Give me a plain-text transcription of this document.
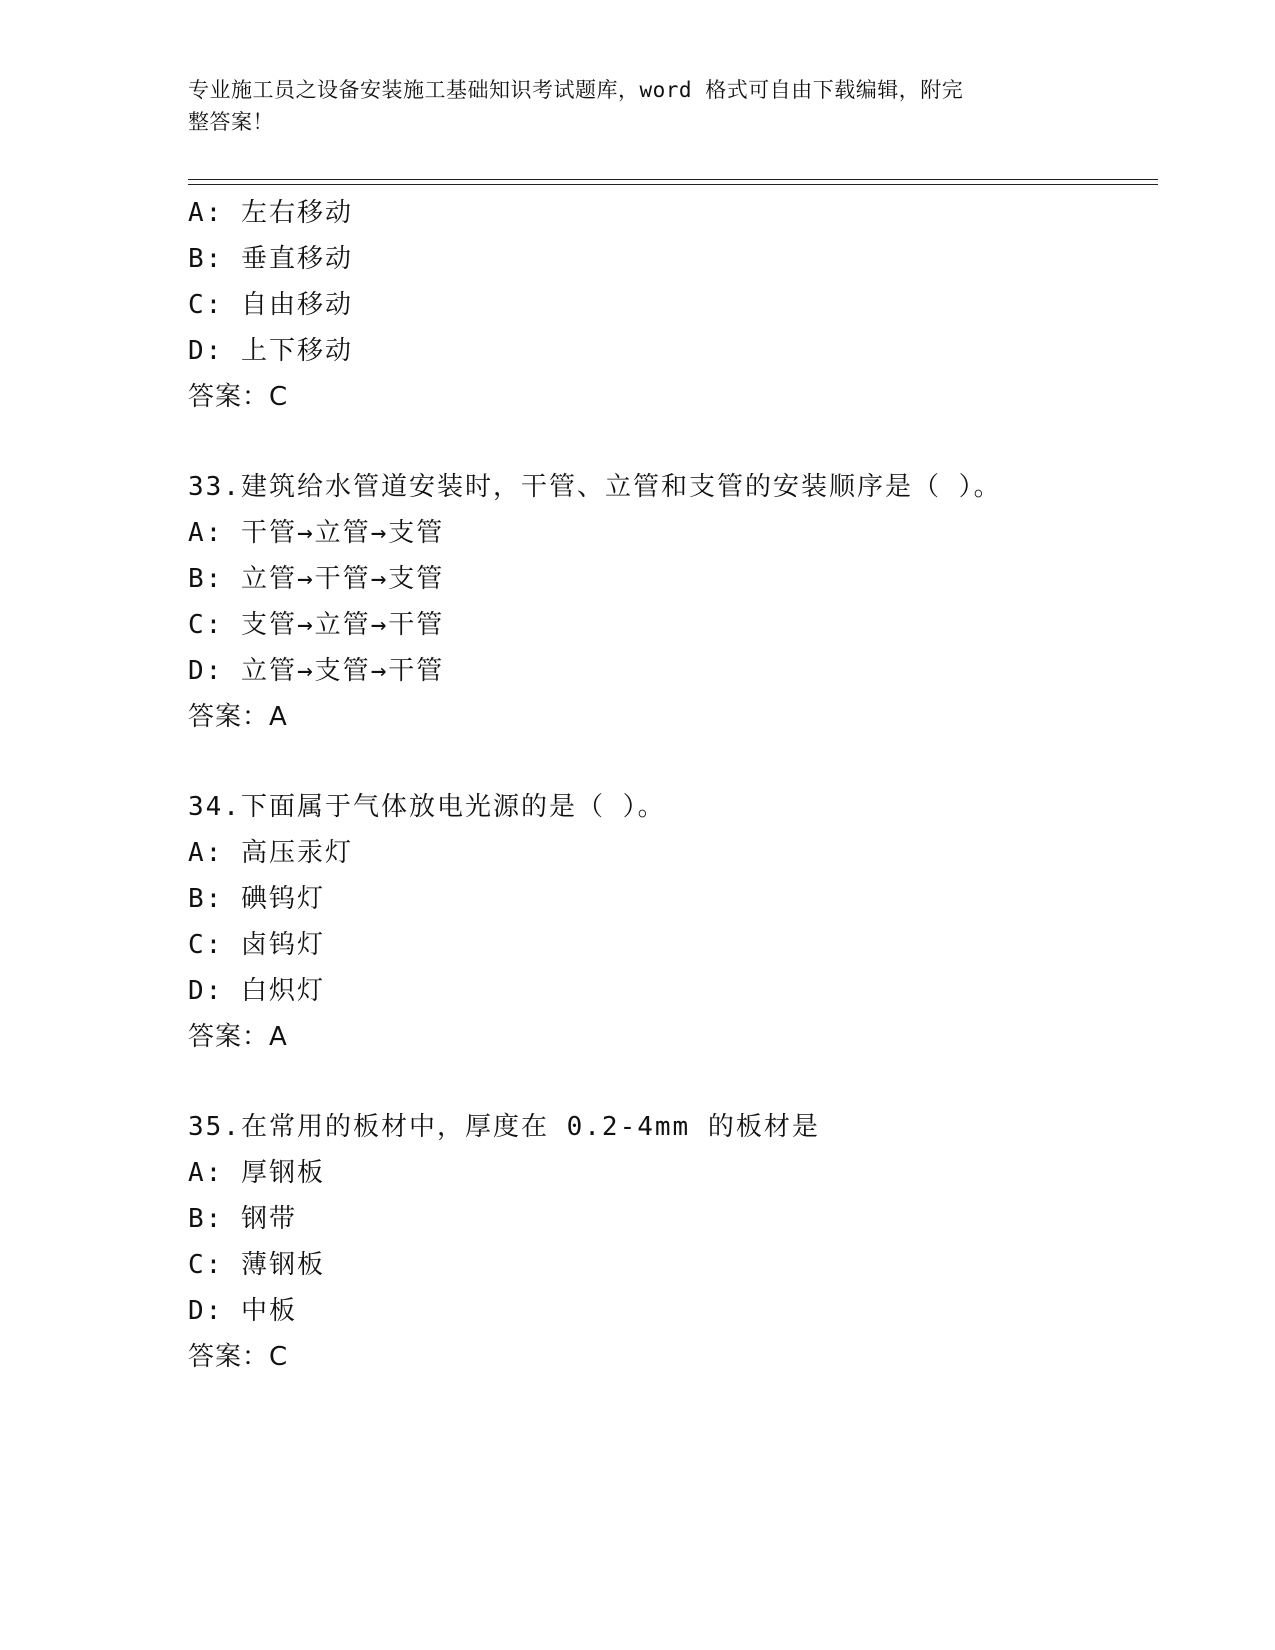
专业施工员之设备安装施工基础知识考试题库，word 格式可自由下载编辑，附完
整答案！
A: 左右移动
B: 垂直移动
C: 自由移动
D: 上下移动
答案：C
33.建筑给水管道安装时，干管、立管和支管的安装顺序是（ ）。
A: 干管→立管→支管
B: 立管→干管→支管
C: 支管→立管→干管
D: 立管→支管→干管
答案：A
34.下面属于气体放电光源的是（ ）。
A: 高压汞灯
B: 碘钨灯
C: 卤钨灯
D: 白炽灯
答案：A
35.在常用的板材中，厚度在 0.2-4mm 的板材是
A: 厚钢板
B: 钢带
C: 薄钢板
D: 中板
答案：C
